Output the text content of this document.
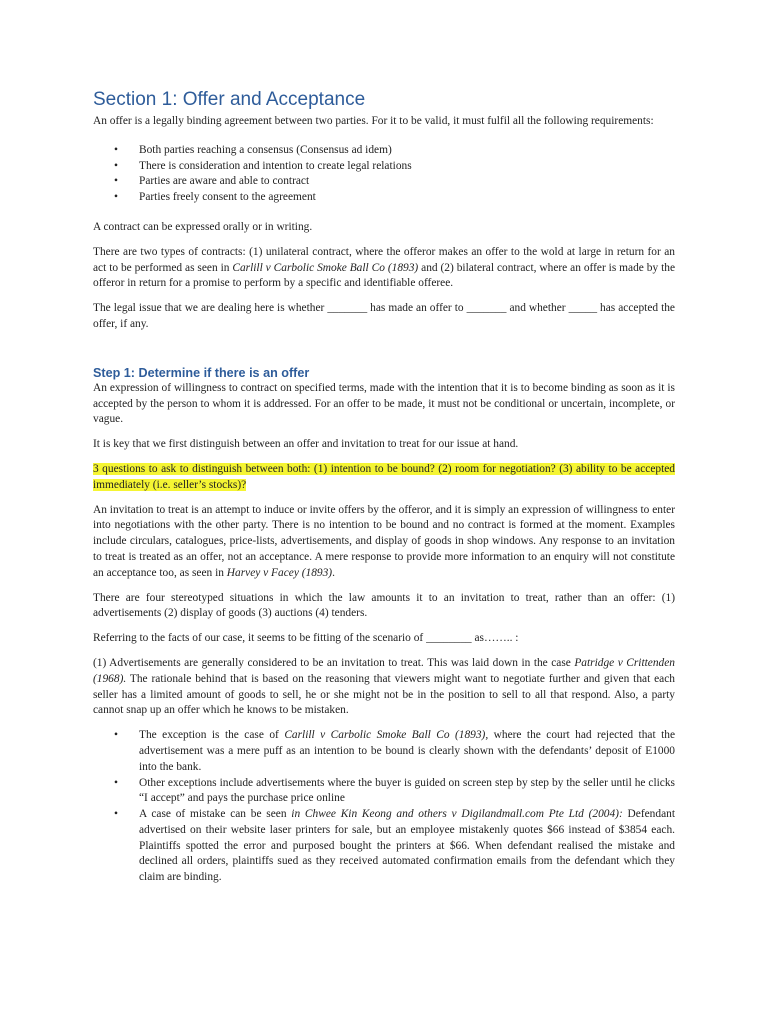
Section 1: Offer and Acceptance

An offer is a legally binding agreement between two parties. For it to be valid, it must fulfil all the following requirements:

• Both parties reaching a consensus (Consensus ad idem)
• There is consideration and intention to create legal relations
• Parties are aware and able to contract
• Parties freely consent to the agreement

A contract can be expressed orally or in writing.

There are two types of contracts: (1) unilateral contract, where the offeror makes an offer to the wold at large in return for an act to be performed as seen in Carlill v Carbolic Smoke Ball Co (1893) and (2) bilateral contract, where an offer is made by the offeror in return for a promise to perform by a specific and identifiable offeree.

The legal issue that we are dealing here is whether _______ has made an offer to _______ and whether _____ has accepted the offer, if any.

Step 1: Determine if there is an offer

An expression of willingness to contract on specified terms, made with the intention that it is to become binding as soon as it is accepted by the person to whom it is addressed. For an offer to be made, it must not be conditional or uncertain, incomplete, or vague.

It is key that we first distinguish between an offer and invitation to treat for our issue at hand.

3 questions to ask to distinguish between both: (1) intention to be bound? (2) room for negotiation? (3) ability to be accepted immediately (i.e. seller’s stocks)?

An invitation to treat is an attempt to induce or invite offers by the offeror, and it is simply an expression of willingness to enter into negotiations with the other party. There is no intention to be bound and no contract is formed at the moment. Examples include circulars, catalogues, price-lists, advertisements, and display of goods in shop windows. Any response to an invitation to treat is treated as an offer, not an acceptance. A mere response to provide more information to an enquiry will not constitute an acceptance too, as seen in Harvey v Facey (1893).

There are four stereotyped situations in which the law amounts it to an invitation to treat, rather than an offer: (1) advertisements (2) display of goods (3) auctions (4) tenders.

Referring to the facts of our case, it seems to be fitting of the scenario of ________ as…….. :

(1) Advertisements are generally considered to be an invitation to treat. This was laid down in the case Patridge v Crittenden (1968). The rationale behind that is based on the reasoning that viewers might want to negotiate further and given that each seller has a limited amount of goods to sell, he or she might not be in the position to sell to all that respond. Also, a party cannot snap up an offer which he knows to be mistaken.

• The exception is the case of Carlill v Carbolic Smoke Ball Co (1893), where the court had rejected that the advertisement was a mere puff as an intention to be bound is clearly shown with the defendants’ deposit of E1000 into the bank.
• Other exceptions include advertisements where the buyer is guided on screen step by step by the seller until he clicks “I accept” and pays the purchase price online
• A case of mistake can be seen in Chwee Kin Keong and others v Digilandmall.com Pte Ltd (2004): Defendant advertised on their website laser printers for sale, but an employee mistakenly quotes $66 instead of $3854 each. Plaintiffs spotted the error and purposed bought the printers at $66. When defendant realised the mistake and declined all orders, plaintiffs sued as they received automated confirmation emails from the defendant which they claim are binding.
